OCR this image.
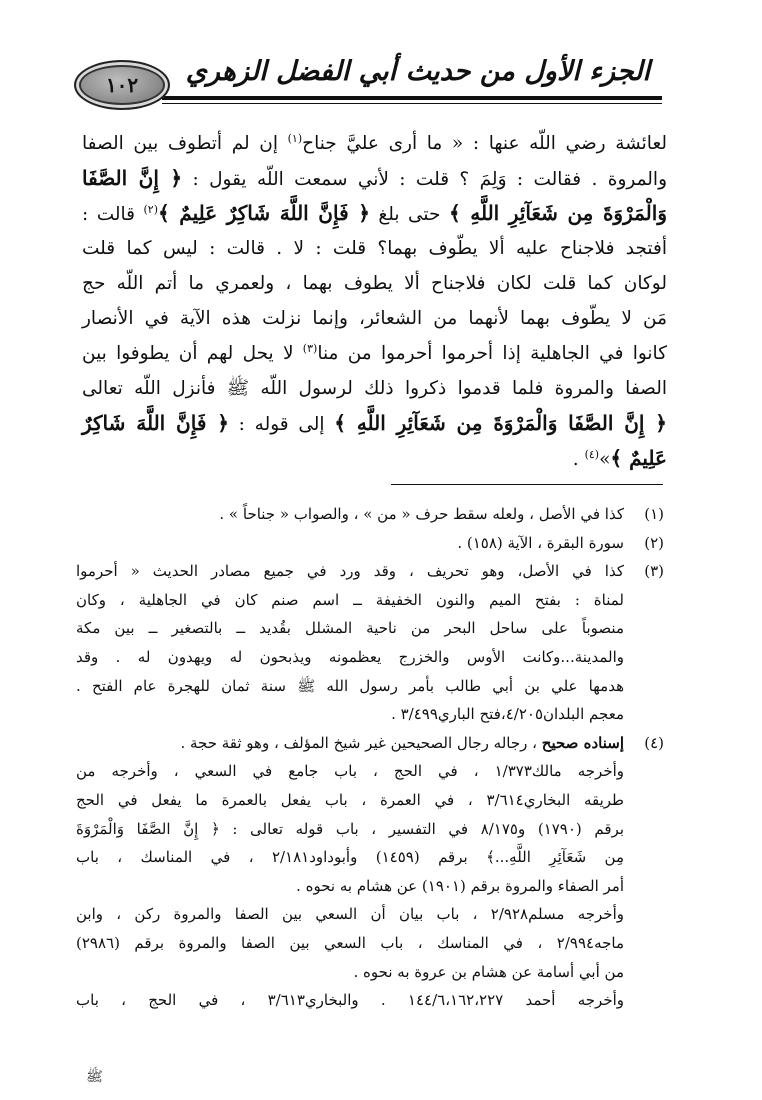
الجزء الأول من حديث أبي الفضل الزهري
١٠٢
لعائشة رضي اللّه عنها : « ما أرى عليَّ جناح$^{(١)}$ إن لم أتطوف بين الصفا
والمروة . فقالت : وَلِمَ ؟ قلت : لأني سمعت اللّه يقول : ﴿ إِنَّ الصَّفَا
وَالْمَرْوَةَ مِن شَعَآئِرِ اللَّهِ ﴾ حتى بلغ ﴿ فَإِنَّ اللَّهَ شَاكِرٌ عَلِيمٌ ﴾$^{(٢)}$ قالت :
أفتجد فلاجناح عليه ألا يطّوف بهما؟ قلت : لا . قالت : ليس كما قلت
لوكان كما قلت لكان فلاجناح ألا يطوف بهما ، ولعمري ما أتم اللّه حج
مَن لا يطّوف بهما لأنهما من الشعائر، وإنما نزلت هذه الآية في الأنصار
كانوا في الجاهلية إذا أحرموا أحرموا من منا$^{(٣)}$ لا يحل لهم أن يطوفوا بين
الصفا والمروة فلما قدموا ذكروا ذلك لرسول اللّه ﷺ فأنزل اللّه تعالى
﴿ إِنَّ الصَّفَا وَالْمَرْوَةَ مِن شَعَآئِرِ اللَّهِ ﴾ إلى قوله : ﴿ فَإِنَّ اللَّهَ شَاكِرٌ
عَلِيمٌ ﴾»$^{(٤)}$ .
(١)
كذا في الأصل ، ولعله سقط حرف « من » ، والصواب « جناحاً » .
(٢)
سورة البقرة ، الآية (١٥٨) .
(٣)
كذا في الأصل، وهو تحريف ، وقد ورد في جميع مصادر الحديث « أحرموا
لمناة : بفتح الميم والنون الخفيفة ــ اسم صنم كان في الجاهلية ، وكان
منصوباً على ساحل البحر من ناحية المشلل بقُديد ــ بالتصغير ــ بين مكة
والمدينة...وكانت الأوس والخزرج يعظمونه ويذبحون له ويهدون له . وقد
هدمها علي بن أبي طالب بأمر رسول الله ﷺ سنة ثمان للهجرة عام الفتح .
معجم البلدان٤/٢٠٥،فتح الباري٣/٤٩٩ .
(٤)
إسناده صحيح ، رجاله رجال الصحيحين غير شيخ المؤلف ، وهو ثقة حجة .
وأخرجه مالك١/٣٧٣ ، في الحج ، باب جامع في السعي ، وأخرجه من
طريقه البخاري٣/٦١٤ ، في العمرة ، باب يفعل بالعمرة ما يفعل في الحج
برقم (١٧٩٠) و٨/١٧٥ في التفسير ، باب قوله تعالى : ﴿ إِنَّ الصَّفَا وَالْمَرْوَةَ
مِن شَعَآئِرِ اللَّهِ...﴾ برقم (١٤٥٩) وأبوداود٢/١٨١ ، في المناسك ، باب
أمر الصفاء والمروة برقم (١٩٠١) عن هشام به نحوه .
وأخرجه مسلم٢/٩٢٨ ، باب بيان أن السعي بين الصفا والمروة ركن ، وابن
ماجه٢/٩٩٤ ، في المناسك ، باب السعي بين الصفا والمروة برقم (٢٩٨٦)
من أبي أسامة عن هشام بن عروة به نحوه .
وأخرجه أحمد ١٤٤/٦،١٦٢،٢٢٧ . والبخاري٣/٦١٣ ، في الحج ، باب
ﷺ
